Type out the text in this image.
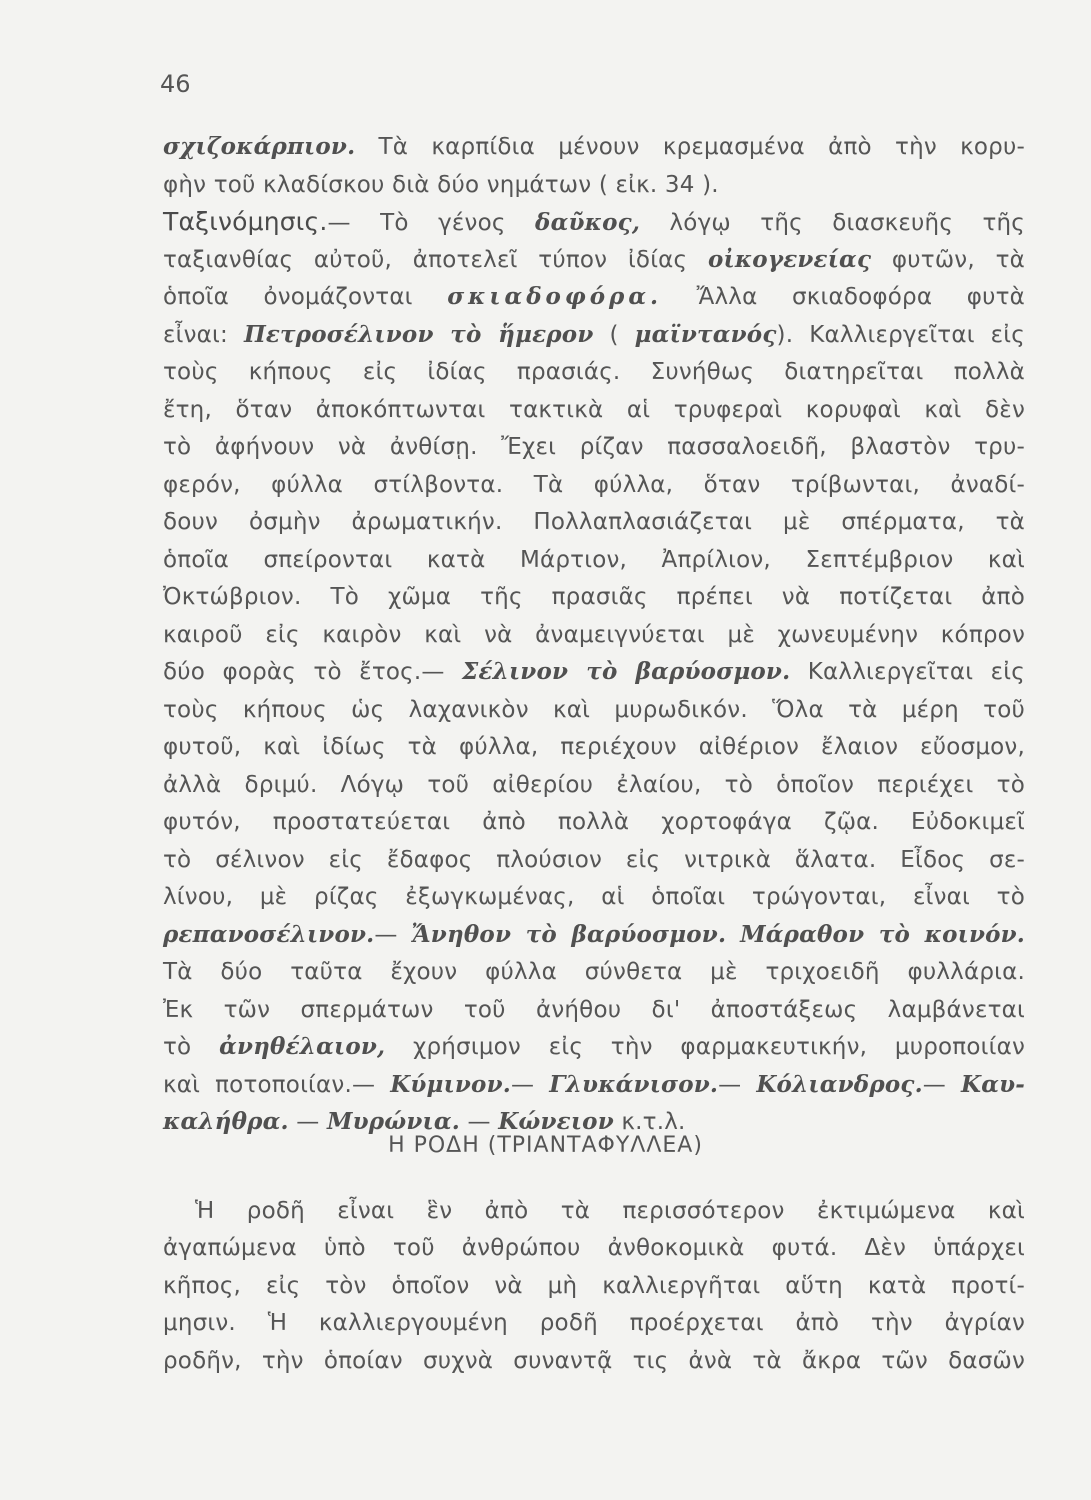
46
σχιζοκάρπιον. Τὰ καρπίδια μένουν κρεμασμένα ἀπὸ τὴν κορυ-
φὴν τοῦ κλαδίσκου διὰ δύο νημάτων ( εἰκ. 34 ).
Ταξινόμησις.— Τὸ γένος δαῦκος, λόγῳ τῆς διασκευῆς τῆς
ταξιανθίας αὐτοῦ, ἀποτελεῖ τύπον ἰδίας οἰκογενείας φυτῶν, τὰ
ὁποῖα ὀνομάζονται σκιαδοφόρα. Ἄλλα σκιαδοφόρα φυτὰ
εἶναι: Πετροσέλινον τὸ ἥμερον ( μαϊντανός). Καλλιεργεῖται εἰς
τοὺς κήπους εἰς ἰδίας πρασιάς. Συνήθως διατηρεῖται πολλὰ
ἔτη, ὅταν ἀποκόπτωνται τακτικὰ αἱ τρυφεραὶ κορυφαὶ καὶ δὲν
τὸ ἀφήνουν νὰ ἀνθίσῃ. Ἔχει ρίζαν πασσαλοειδῆ, βλαστὸν τρυ-
φερόν, φύλλα στίλβοντα. Τὰ φύλλα, ὅταν τρίβωνται, ἀναδί-
δουν ὀσμὴν ἀρωματικήν. Πολλαπλασιάζεται μὲ σπέρματα, τὰ
ὁποῖα σπείρονται κατὰ Μάρτιον, Ἀπρίλιον, Σεπτέμβριον καὶ
Ὀκτώβριον. Τὸ χῶμα τῆς πρασιᾶς πρέπει νὰ ποτίζεται ἀπὸ
καιροῦ εἰς καιρὸν καὶ νὰ ἀναμειγνύεται μὲ χωνευμένην κόπρον
δύο φορὰς τὸ ἔτος.— Σέλινον τὸ βαρύοσμον. Καλλιεργεῖται εἰς
τοὺς κήπους ὡς λαχανικὸν καὶ μυρωδικόν. Ὅλα τὰ μέρη τοῦ
φυτοῦ, καὶ ἰδίως τὰ φύλλα, περιέχουν αἰθέριον ἔλαιον εὔοσμον,
ἀλλὰ δριμύ. Λόγῳ τοῦ αἰθερίου ἐλαίου, τὸ ὁποῖον περιέχει τὸ
φυτόν, προστατεύεται ἀπὸ πολλὰ χορτοφάγα ζῷα. Εὐδοκιμεῖ
τὸ σέλινον εἰς ἔδαφος πλούσιον εἰς νιτρικὰ ἅλατα. Εἶδος σε-
λίνου, μὲ ρίζας ἐξωγκωμένας, αἱ ὁποῖαι τρώγονται, εἶναι τὸ
ρεπανοσέλινον.— Ἄνηθον τὸ βαρύοσμον. Μάραθον τὸ κοινόν.
Τὰ δύο ταῦτα ἔχουν φύλλα σύνθετα μὲ τριχοειδῆ φυλλάρια.
Ἐκ τῶν σπερμάτων τοῦ ἀνήθου δι' ἀποστάξεως λαμβάνεται
τὸ ἀνηθέλαιον, χρήσιμον εἰς τὴν φαρμακευτικήν, μυροποιίαν
καὶ ποτοποιίαν.— Κύμινον.— Γλυκάνισον.— Κόλιανδρος.— Καυ-
καλήθρα. — Μυρώνια. — Κώνειον κ.τ.λ.
Η ΡΟΔΗ (ΤΡΙΑΝΤΑΦΥΛΛΕΑ)
Ἡ ροδῆ εἶναι ἓν ἀπὸ τὰ περισσότερον ἐκτιμώμενα καὶ
ἀγαπώμενα ὑπὸ τοῦ ἀνθρώπου ἀνθοκομικὰ φυτά. Δὲν ὑπάρχει
κῆπος, εἰς τὸν ὁποῖον νὰ μὴ καλλιεργῆται αὕτη κατὰ προτί-
μησιν. Ἡ καλλιεργουμένη ροδῆ προέρχεται ἀπὸ τὴν ἀγρίαν
ροδῆν, τὴν ὁποίαν συχνὰ συναντᾷ τις ἀνὰ τὰ ἄκρα τῶν δασῶν
